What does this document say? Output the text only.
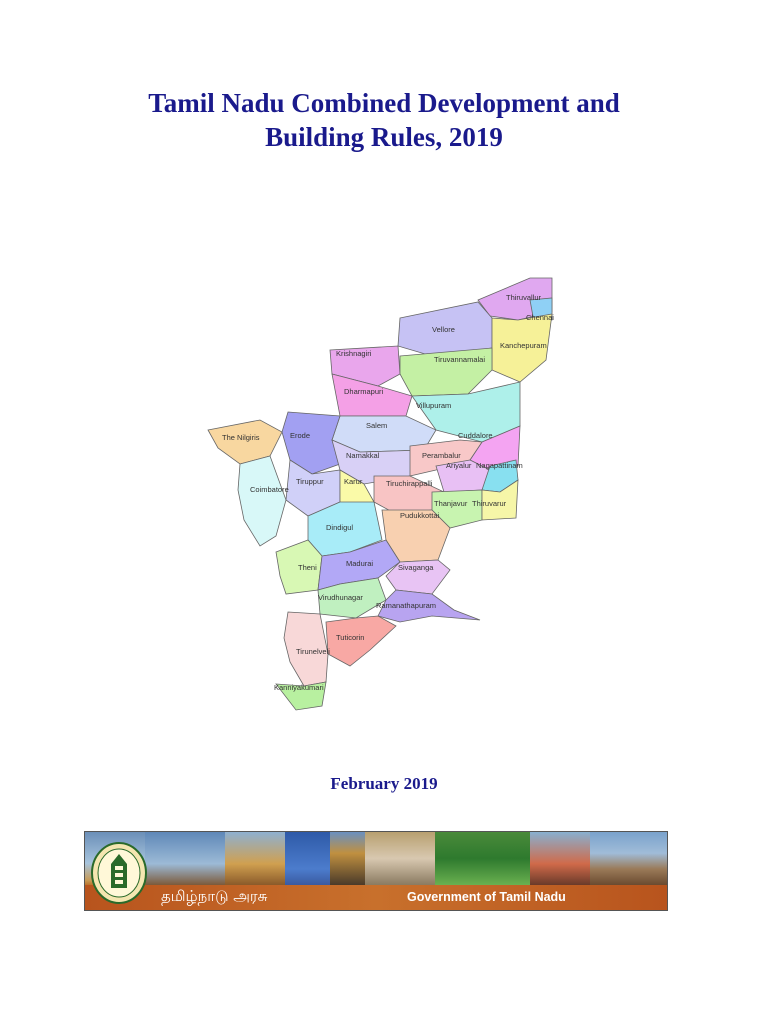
Tamil Nadu Combined Development and
Building Rules, 2019
Thiruvallur
Chennai
Vellore
Kanchepuram
Krishnagiri
Tiruvannamalai
Dharmapuri
Villupuram
Salem
The Nilgiris	Erode	Cuddalore
Namakkal	Perambalur
Ariyalur Nagapattinam
Tiruppur	Karur	Tiruchirappalli
Coimbatore
Thanjavur Thiruvarur
Dindigul
Pudukkottai
Theni	Madurai	Sivaganga
Virudhunagar
Ramanathapuram
Tuticorin
Tirunelveli
Kanniyakumari
February 2019
தமிழ்நாடு அரசு	Government of Tamil Nadu
